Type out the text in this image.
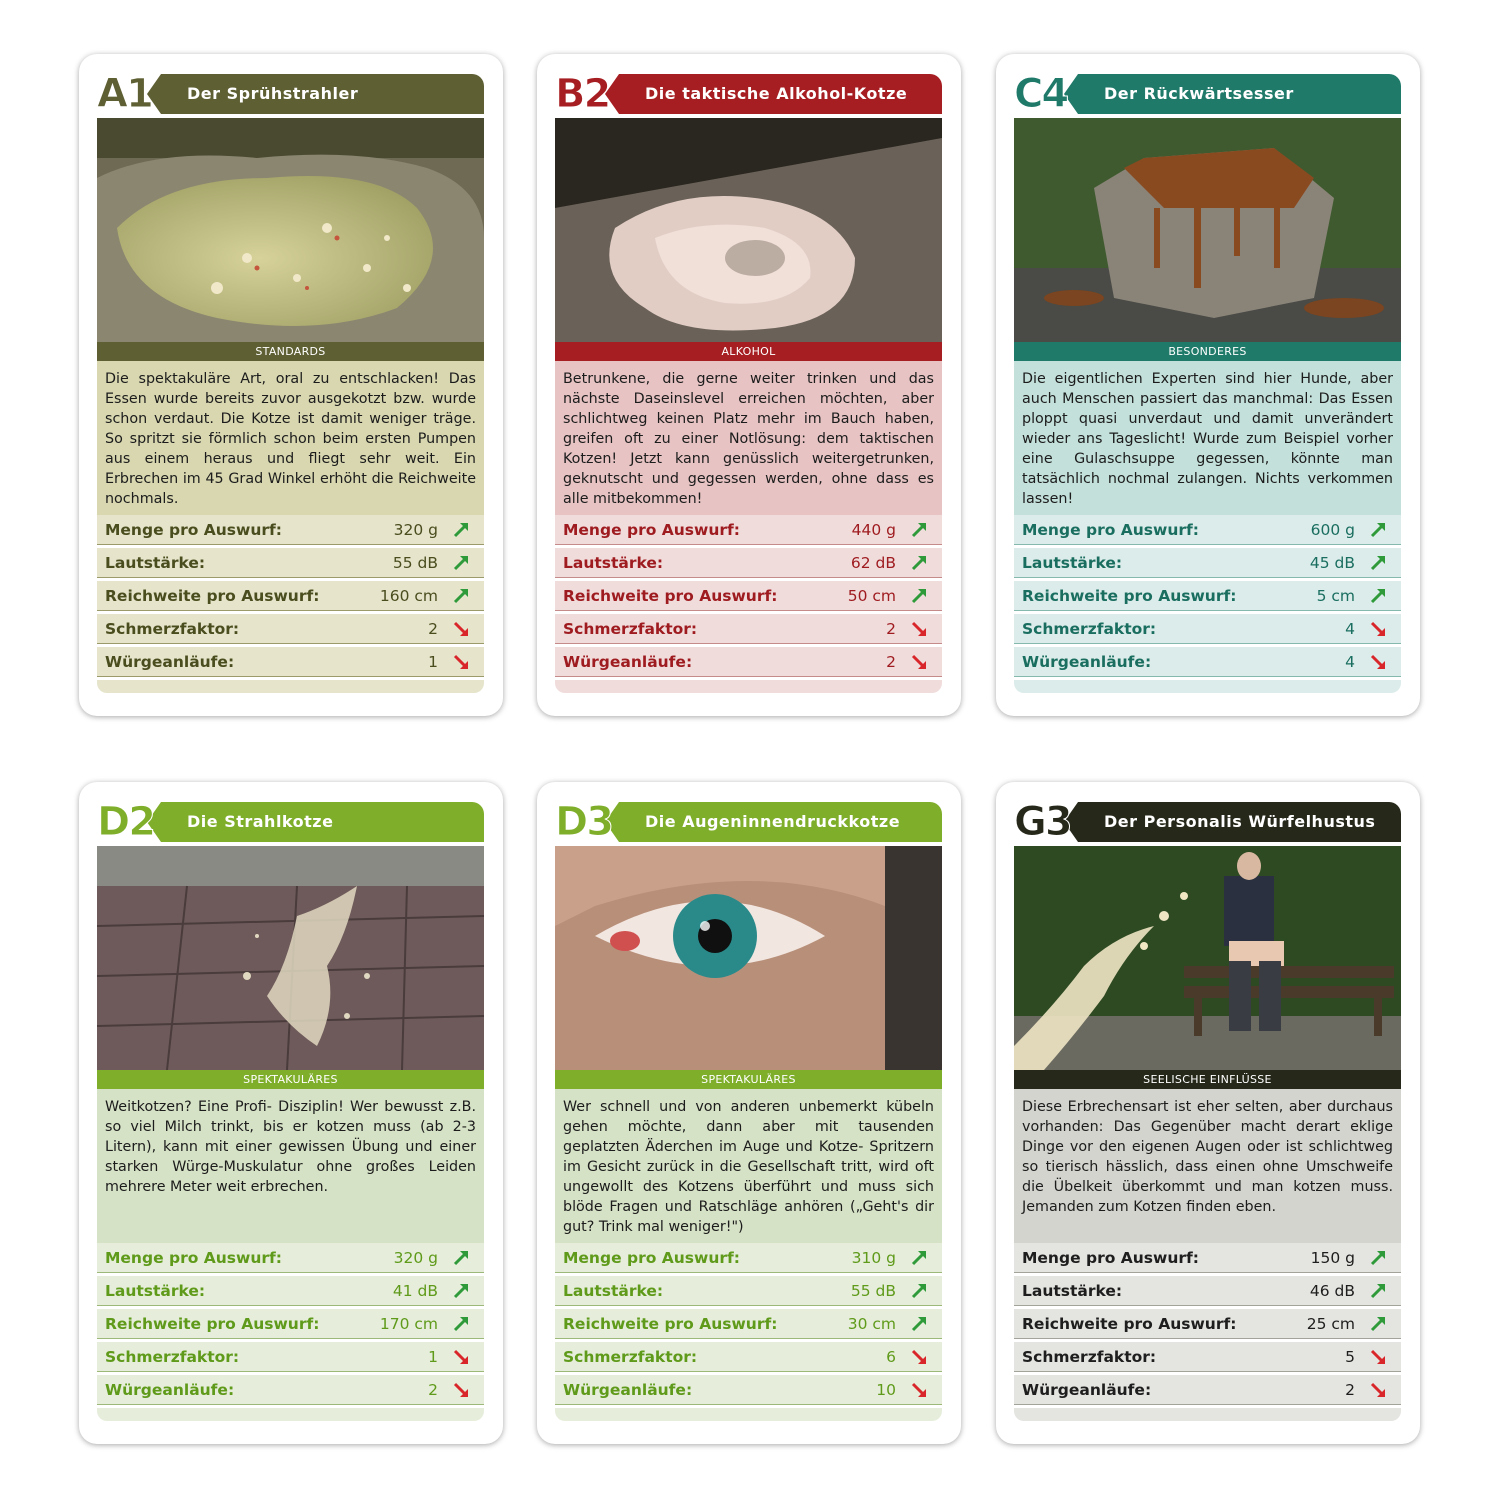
Der Sprühstrahler
A1
STANDARDS

Die spektakuläre Art, oral zu entschlacken! Das Essen wurde bereits zuvor ausgekotzt bzw. wurde schon verdaut. Die Kotze ist damit weniger träge. So spritzt sie förmlich schon beim ersten Pumpen aus einem heraus und fliegt sehr weit. Ein Erbrechen im 45 Grad Winkel erhöht die Reichweite nochmals.

Menge pro Auswurf:	320 g
Lautstärke:	55 dB
Reichweite pro Auswurf:	160 cm
Schmerzfaktor:	2
Würgeanläufe:	1
Die taktische Alkohol-Kotze
B2
ALKOHOL

Betrunkene, die gerne weiter trinken und das nächste Daseinslevel erreichen möchten, aber schlichtweg keinen Platz mehr im Bauch haben, greifen oft zu einer Notlösung: dem taktischen Kotzen! Jetzt kann genüsslich weitergetrunken, geknutscht und gegessen werden, ohne dass es alle mitbekommen!

Menge pro Auswurf:	440 g
Lautstärke:	62 dB
Reichweite pro Auswurf:	50 cm
Schmerzfaktor:	2
Würgeanläufe:	2
Der Rückwärtsesser
C4
BESONDERES

Die eigentlichen Experten sind hier Hunde, aber auch Menschen passiert das manchmal: Das Essen ploppt quasi unverdaut und damit unverändert wieder ans Tageslicht! Wurde zum Beispiel vorher eine Gulaschsuppe gegessen, könnte man tatsächlich nochmal zulangen. Nichts verkommen lassen!

Menge pro Auswurf:	600 g
Lautstärke:	45 dB
Reichweite pro Auswurf:	5 cm
Schmerzfaktor:	4
Würgeanläufe:	4
Die Strahlkotze
D2
SPEKTAKULÄRES

Weitkotzen? Eine Profi- Disziplin! Wer bewusst z.B. so viel Milch trinkt, bis er kotzen muss (ab 2-3 Litern), kann mit einer gewissen Übung und einer starken Würge-Muskulatur ohne großes Leiden mehrere Meter weit erbrechen.

Menge pro Auswurf:	320 g
Lautstärke:	41 dB
Reichweite pro Auswurf:	170 cm
Schmerzfaktor:	1
Würgeanläufe:	2
Die Augeninnendruckkotze
D3
SPEKTAKULÄRES

Wer schnell und von anderen unbemerkt kübeln gehen möchte, dann aber mit tausenden geplatzten Äderchen im Auge und Kotze- Spritzern im Gesicht zurück in die Gesellschaft tritt, wird oft ungewollt des Kotzens überführt und muss sich blöde Fragen und Ratschläge anhören („Geht's dir gut? Trink mal weniger!")

Menge pro Auswurf:	310 g
Lautstärke:	55 dB
Reichweite pro Auswurf:	30 cm
Schmerzfaktor:	6
Würgeanläufe:	10
Der Personalis Würfelhustus
G3
SEELISCHE EINFLÜSSE

Diese Erbrechensart ist eher selten, aber durchaus vorhanden: Das Gegenüber macht derart eklige Dinge vor den eigenen Augen oder ist schlichtweg so tierisch hässlich, dass einen ohne Umschweife die Übelkeit überkommt und man kotzen muss. Jemanden zum Kotzen finden eben.

Menge pro Auswurf:	150 g
Lautstärke:	46 dB
Reichweite pro Auswurf:	25 cm
Schmerzfaktor:	5
Würgeanläufe:	2
